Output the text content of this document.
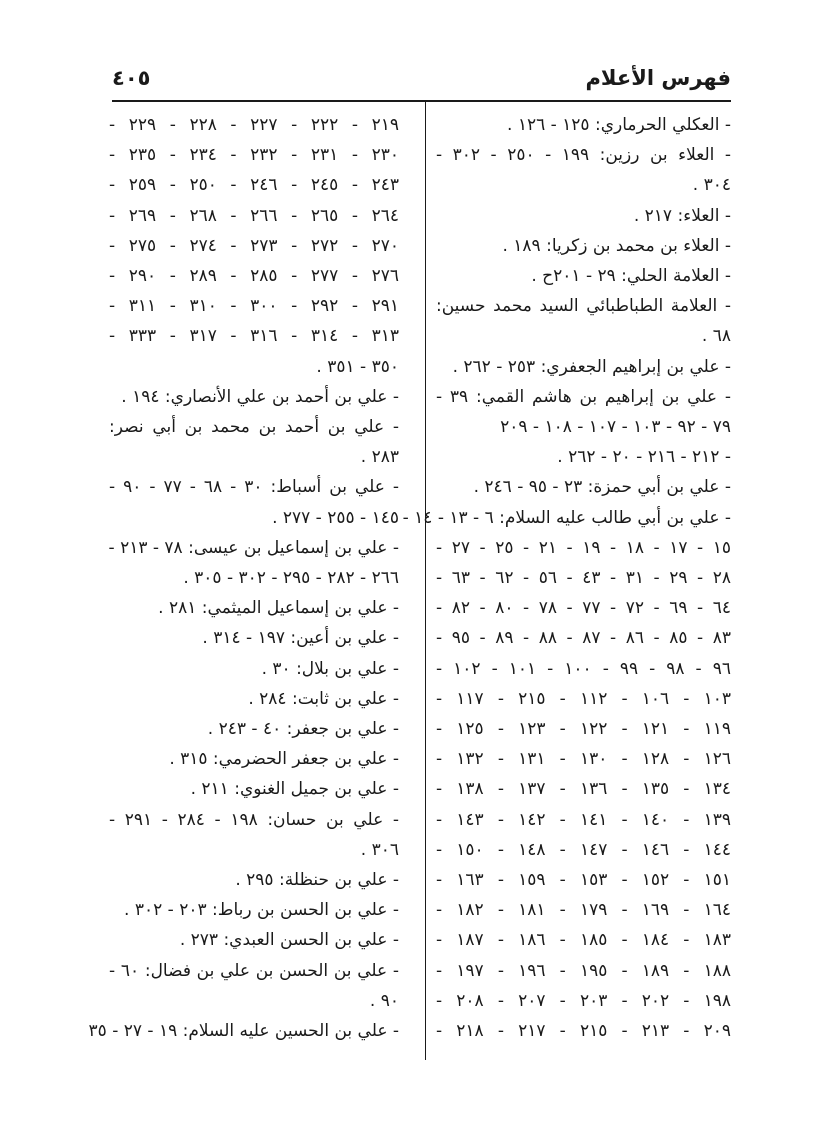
فهرس الأعلام
٤٠٥
- العكلي الحرماري: ١٢٥ - ١٢٦ .
- العلاء بن رزين: ١٩٩ - ٢٥٠ - ٣٠٢ -
٣٠٤ .
- العلاء: ٢١٧ .
- العلاء بن محمد بن زكريا: ١٨٩ .
- العلامة الحلي: ٢٩ - ٢٠١ح .
- العلامة الطباطبائي السيد محمد حسين:
٦٨ .
- علي بن إبراهيم الجعفري: ٢٥٣ - ٢٦٢ .
- علي بن إبراهيم بن هاشم القمي: ٣٩ -
٧٩ - ٩٢ - ١٠٣ - ١٠٧ - ١٠٨ - ٢٠٩
- ٢١٢ - ٢١٦ - ٢٠ - ٢٦٢ .
- علي بن أبي حمزة: ٢٣ - ٩٥ - ٢٤٦ .
- علي بن أبي طالب عليه السلام: ٦ - ١٣ - ١٤ -
١٥ - ١٧ - ١٨ - ١٩ - ٢١ - ٢٥ - ٢٧ -
٢٨ - ٢٩ - ٣١ - ٤٣ - ٥٦ - ٦٢ - ٦٣ -
٦٤ - ٦٩ - ٧٢ - ٧٧ - ٧٨ - ٨٠ - ٨٢ -
٨٣ - ٨٥ - ٨٦ - ٨٧ - ٨٨ - ٨٩ - ٩٥ -
٩٦ - ٩٨ - ٩٩ - ١٠٠ - ١٠١ - ١٠٢ -
١٠٣ - ١٠٦ - ١١٢ - ٢١٥ - ١١٧ -
١١٩ - ١٢١ - ١٢٢ - ١٢٣ - ١٢٥ -
١٢٦ - ١٢٨ - ١٣٠ - ١٣١ - ١٣٢ -
١٣٤ - ١٣٥ - ١٣٦ - ١٣٧ - ١٣٨ -
١٣٩ - ١٤٠ - ١٤١ - ١٤٢ - ١٤٣ -
١٤٤ - ١٤٦ - ١٤٧ - ١٤٨ - ١٥٠ -
١٥١ - ١٥٢ - ١٥٣ - ١٥٩ - ١٦٣ -
١٦٤ - ١٦٩ - ١٧٩ - ١٨١ - ١٨٢ -
١٨٣ - ١٨٤ - ١٨٥ - ١٨٦ - ١٨٧ -
١٨٨ - ١٨٩ - ١٩٥ - ١٩٦ - ١٩٧ -
١٩٨ - ٢٠٢ - ٢٠٣ - ٢٠٧ - ٢٠٨ -
٢٠٩ - ٢١٣ - ٢١٥ - ٢١٧ - ٢١٨ -
٢١٩ - ٢٢٢ - ٢٢٧ - ٢٢٨ - ٢٢٩ -
٢٣٠ - ٢٣١ - ٢٣٢ - ٢٣٤ - ٢٣٥ -
٢٤٣ - ٢٤٥ - ٢٤٦ - ٢٥٠ - ٢٥٩ -
٢٦٤ - ٢٦٥ - ٢٦٦ - ٢٦٨ - ٢٦٩ -
٢٧٠ - ٢٧٢ - ٢٧٣ - ٢٧٤ - ٢٧٥ -
٢٧٦ - ٢٧٧ - ٢٨٥ - ٢٨٩ - ٢٩٠ -
٢٩١ - ٢٩٢ - ٣٠٠ - ٣١٠ - ٣١١ -
٣١٣ - ٣١٤ - ٣١٦ - ٣١٧ - ٣٣٣ -
٣٥٠ - ٣٥١ .
- علي بن أحمد بن علي الأنصاري: ١٩٤ .
- علي بن أحمد بن محمد بن أبي نصر:
٢٨٣ .
- علي بن أسباط: ٣٠ - ٦٨ - ٧٧ - ٩٠ -
١٤٥ - ٢٥٥ - ٢٧٧ .
- علي بن إسماعيل بن عيسى: ٧٨ - ٢١٣ -
٢٦٦ - ٢٨٢ - ٢٩٥ - ٣٠٢ - ٣٠٥ .
- علي بن إسماعيل الميثمي: ٢٨١ .
- علي بن أعين: ١٩٧ - ٣١٤ .
- علي بن بلال: ٣٠ .
- علي بن ثابت: ٢٨٤ .
- علي بن جعفر: ٤٠ - ٢٤٣ .
- علي بن جعفر الحضرمي: ٣١٥ .
- علي بن جميل الغنوي: ٢١١ .
- علي بن حسان: ١٩٨ - ٢٨٤ - ٢٩١ -
٣٠٦ .
- علي بن حنظلة: ٢٩٥ .
- علي بن الحسن بن رباط: ٢٠٣ - ٣٠٢ .
- علي بن الحسن العبدي: ٢٧٣ .
- علي بن الحسن بن علي بن فضال: ٦٠ -
٩٠ .
- علي بن الحسين عليه السلام: ١٩ - ٢٧ - ٣٥
